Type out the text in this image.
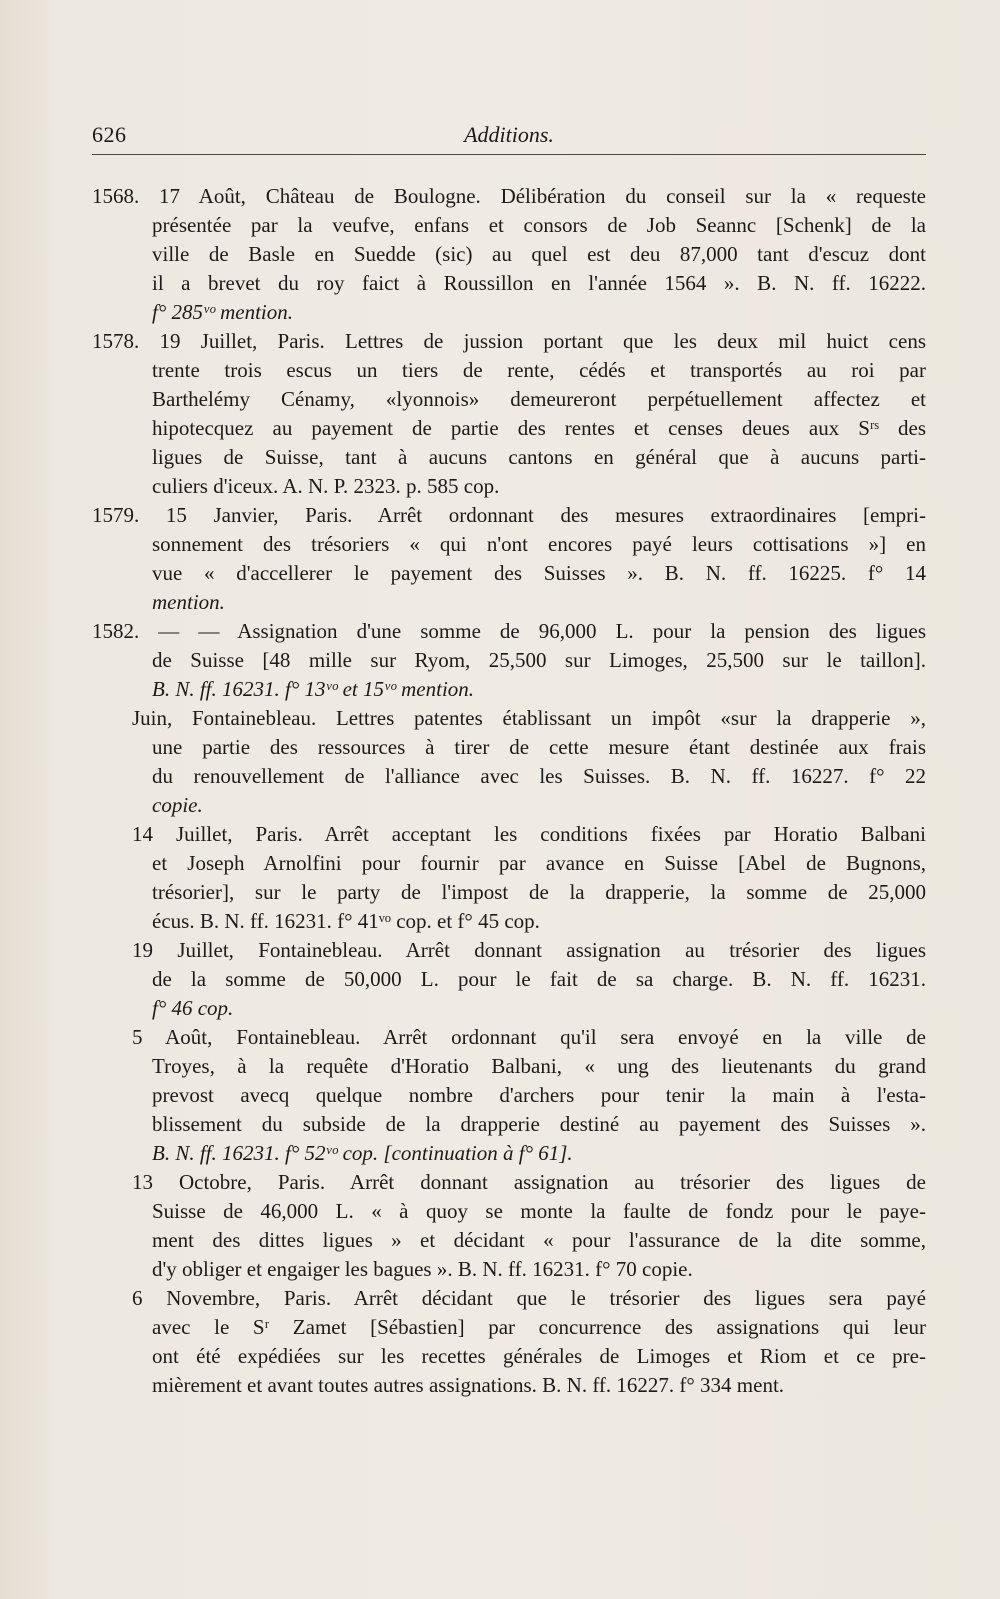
626	Additions.

1568. 17 Août, Château de Boulogne. Délibération du conseil sur la « requeste
présentée par la veufve, enfans et consors de Job Seannc [Schenk] de la
ville de Basle en Suedde (sic) au quel est deu 87,000 tant d'escuz dont
il a brevet du roy faict à Roussillon en l'année 1564 ». B. N. ff. 16222.
f° 285ᵛᵒ mention.

1578. 19 Juillet, Paris. Lettres de jussion portant que les deux mil huict cens
trente trois escus un tiers de rente, cédés et transportés au roi par
Barthelémy Cénamy, «lyonnois» demeureront perpétuellement affectez et
hipotecquez au payement de partie des rentes et censes deues aux Sʳˢ des
ligues de Suisse, tant à aucuns cantons en général que à aucuns parti-
culiers d'iceux. A. N. P. 2323. p. 585 cop.

1579. 15 Janvier, Paris. Arrêt ordonnant des mesures extraordinaires [empri-
sonnement des trésoriers « qui n'ont encores payé leurs cottisations »] en
vue « d'accellerer le payement des Suisses ». B. N. ff. 16225. f° 14
mention.

1582. — — Assignation d'une somme de 96,000 L. pour la pension des ligues
de Suisse [48 mille sur Ryom, 25,500 sur Limoges, 25,500 sur le taillon].
B. N. ff. 16231. f° 13ᵛᵒ et 15ᵛᵒ mention.

Juin, Fontainebleau. Lettres patentes établissant un impôt «sur la drapperie »,
une partie des ressources à tirer de cette mesure étant destinée aux frais
du renouvellement de l'alliance avec les Suisses. B. N. ff. 16227. f° 22
copie.

14 Juillet, Paris. Arrêt acceptant les conditions fixées par Horatio Balbani
et Joseph Arnolfini pour fournir par avance en Suisse [Abel de Bugnons,
trésorier], sur le party de l'impost de la drapperie, la somme de 25,000
écus. B. N. ff. 16231. f° 41ᵛᵒ cop. et f° 45 cop.

19 Juillet, Fontainebleau. Arrêt donnant assignation au trésorier des ligues
de la somme de 50,000 L. pour le fait de sa charge. B. N. ff. 16231.
f° 46 cop.

5 Août, Fontainebleau. Arrêt ordonnant qu'il sera envoyé en la ville de
Troyes, à la requête d'Horatio Balbani, « ung des lieutenants du grand
prevost avecq quelque nombre d'archers pour tenir la main à l'esta-
blissement du subside de la drapperie destiné au payement des Suisses ».
B. N. ff. 16231. f° 52ᵛᵒ cop. [continuation à f° 61].

13 Octobre, Paris. Arrêt donnant assignation au trésorier des ligues de
Suisse de 46,000 L. « à quoy se monte la faulte de fondz pour le paye-
ment des dittes ligues » et décidant « pour l'assurance de la dite somme,
d'y obliger et engaiger les bagues ». B. N. ff. 16231. f° 70 copie.

6 Novembre, Paris. Arrêt décidant que le trésorier des ligues sera payé
avec le Sʳ Zamet [Sébastien] par concurrence des assignations qui leur
ont été expédiées sur les recettes générales de Limoges et Riom et ce pre-
mièrement et avant toutes autres assignations. B. N. ff. 16227. f° 334 ment.
